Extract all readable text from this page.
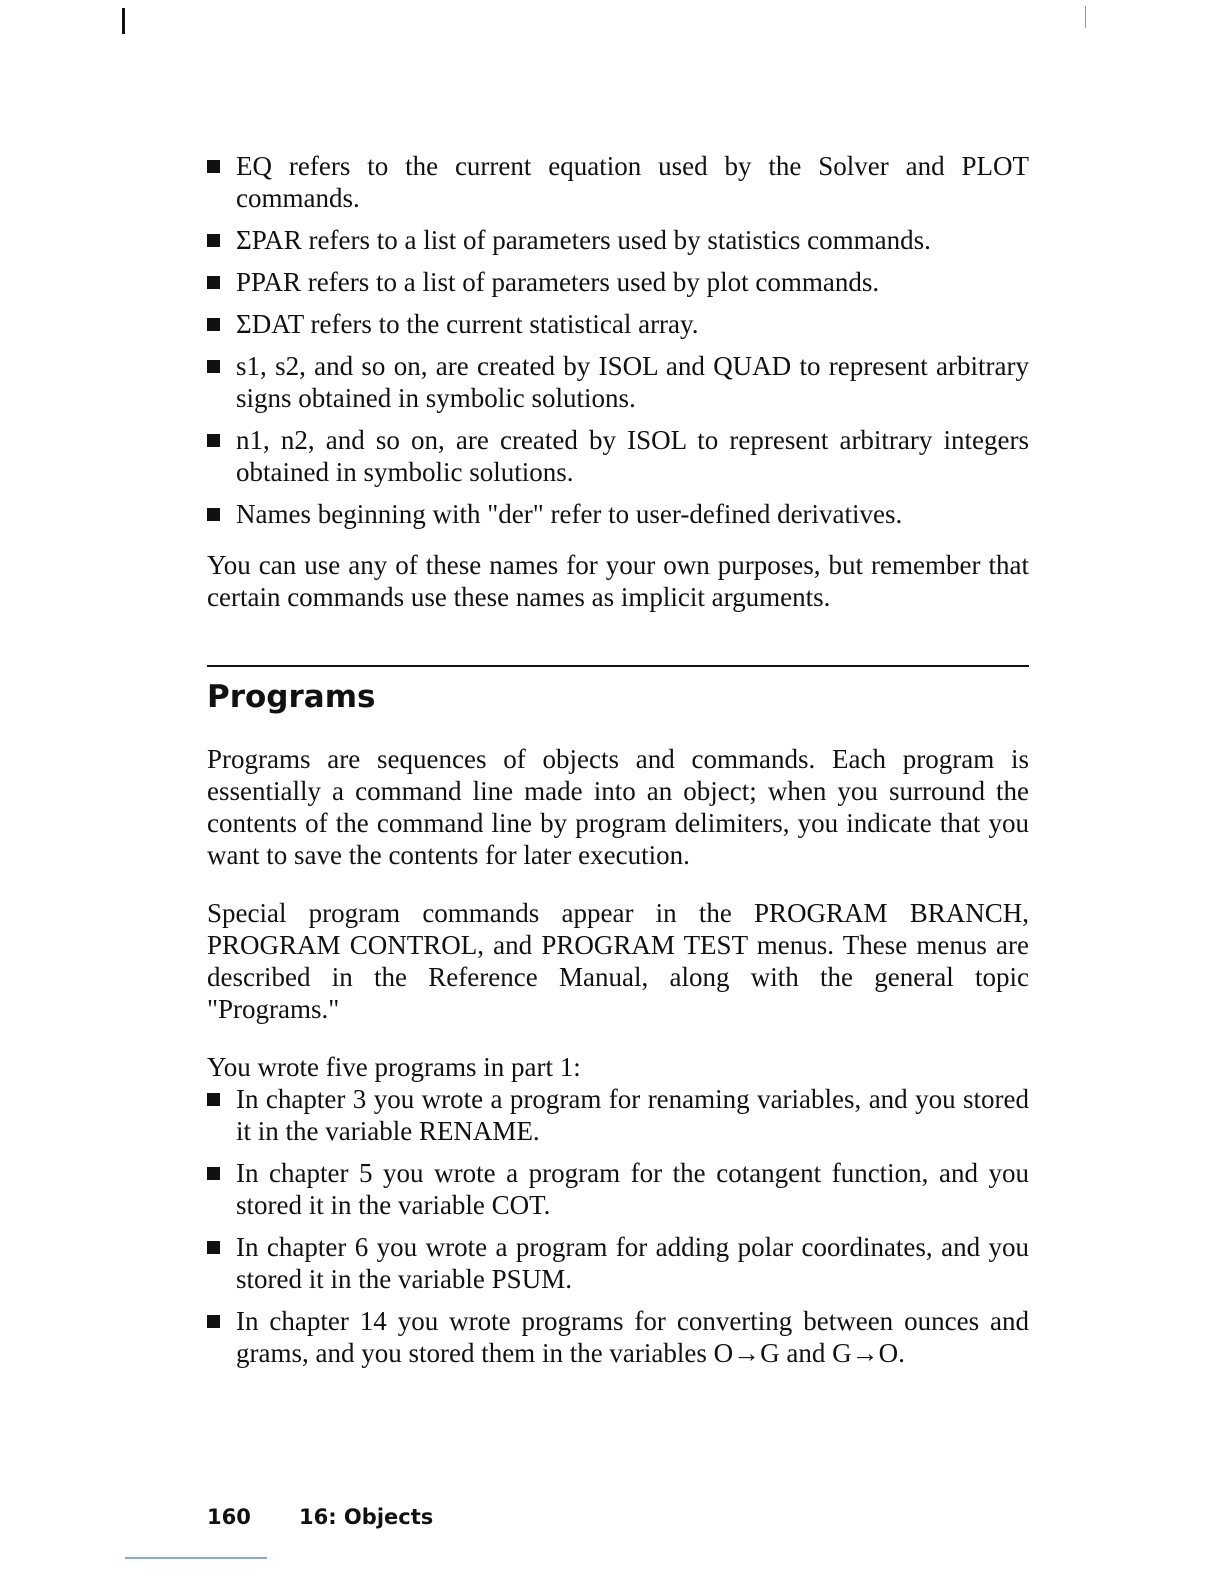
EQ refers to the current equation used by the Solver and PLOT commands.
ΣPAR refers to a list of parameters used by statistics commands.
PPAR refers to a list of parameters used by plot commands.
ΣDAT refers to the current statistical array.
s1, s2, and so on, are created by ISOL and QUAD to represent arbitrary signs obtained in symbolic solutions.
n1, n2, and so on, are created by ISOL to represent arbitrary integers obtained in symbolic solutions.
Names beginning with "der" refer to user-defined derivatives.

You can use any of these names for your own purposes, but remember that certain commands use these names as implicit arguments.

Programs

Programs are sequences of objects and commands. Each program is essentially a command line made into an object; when you surround the contents of the command line by program delimiters, you indicate that you want to save the contents for later execution.

Special program commands appear in the PROGRAM BRANCH, PROGRAM CONTROL, and PROGRAM TEST menus. These menus are described in the Reference Manual, along with the general topic "Programs."

You wrote five programs in part 1:

In chapter 3 you wrote a program for renaming variables, and you stored it in the variable RENAME.
In chapter 5 you wrote a program for the cotangent function, and you stored it in the variable COT.
In chapter 6 you wrote a program for adding polar coordinates, and you stored it in the variable PSUM.
In chapter 14 you wrote programs for converting between ounces and grams, and you stored them in the variables O→G and G→O.
160 16: Objects
